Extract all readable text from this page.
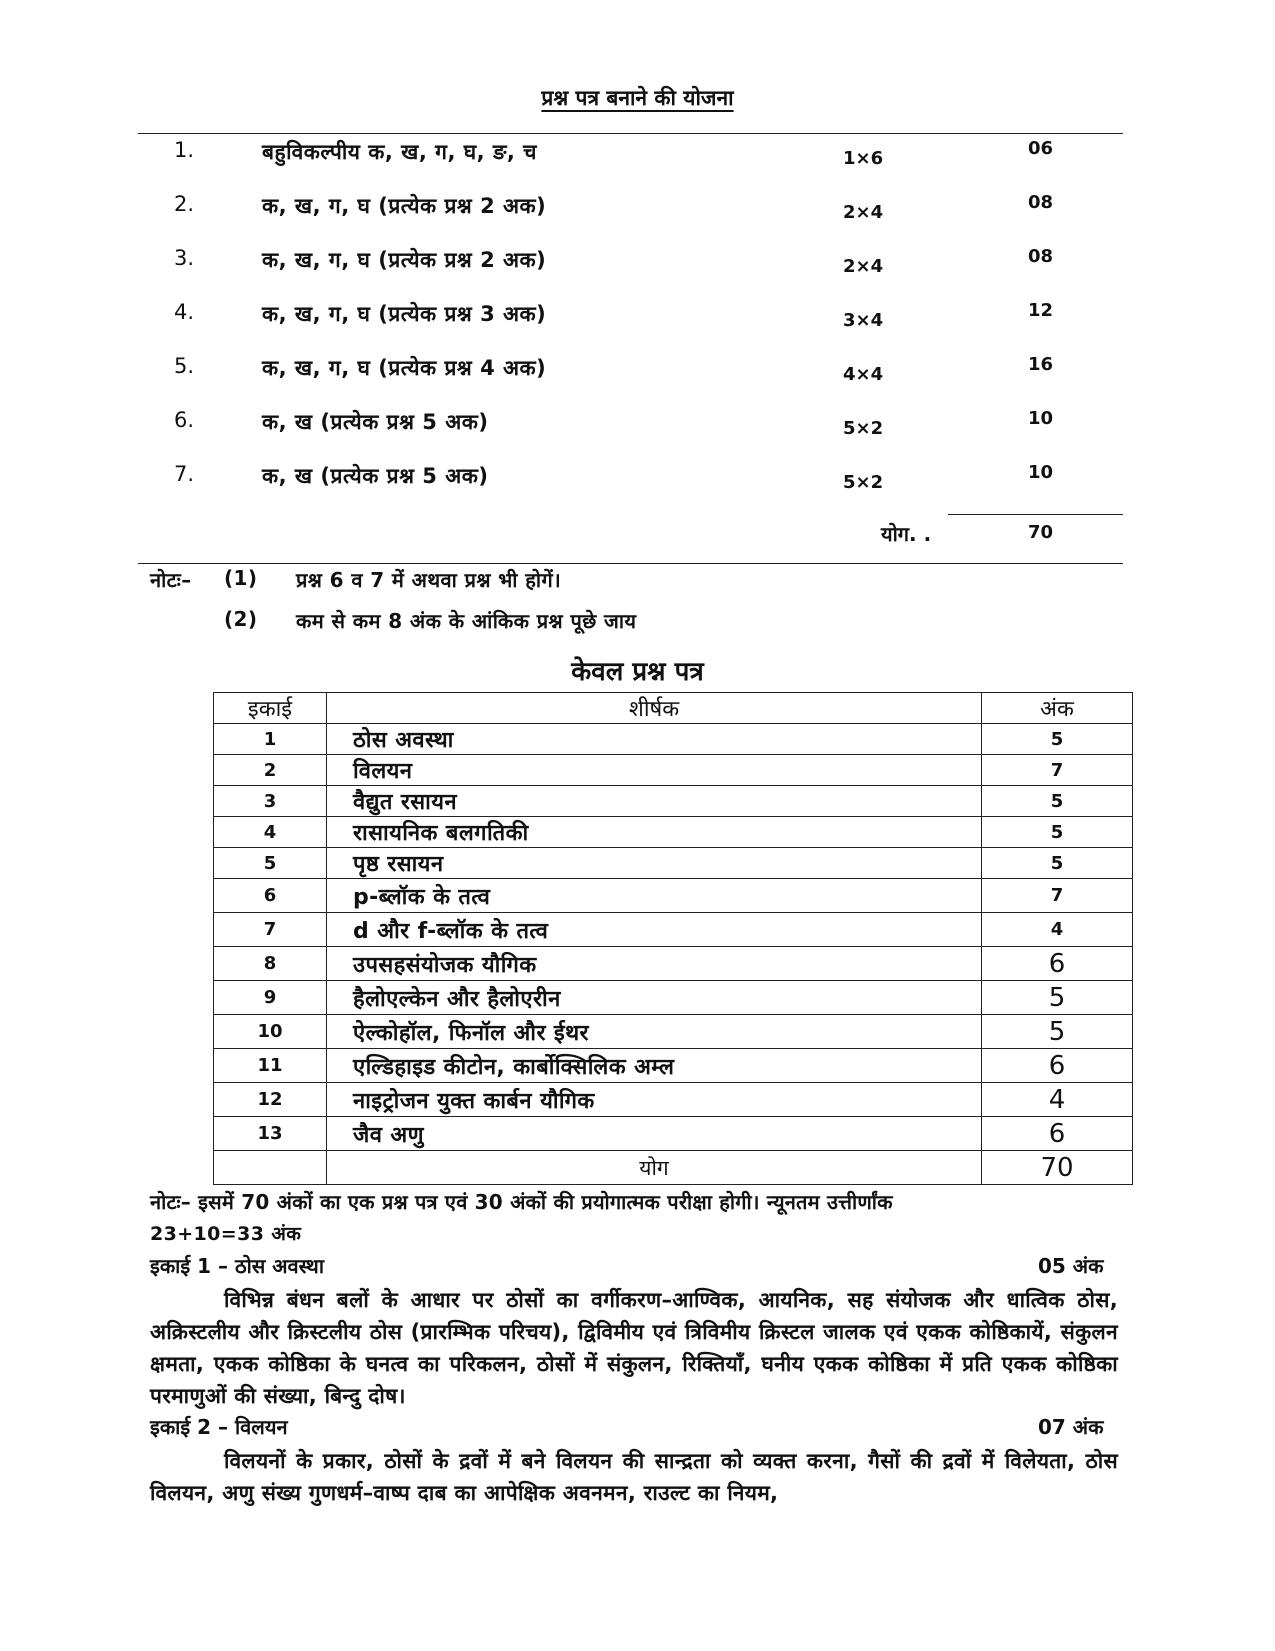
प्रश्न पत्र बनाने की योजना
1.	बहुविकल्पीय क, ख, ग, घ, ङ, च	1×6	06
2.	क, ख, ग, घ (प्रत्येक प्रश्न 2 अक)	2×4	08
3.	क, ख, ग, घ (प्रत्येक प्रश्न 2 अक)	2×4	08
4.	क, ख, ग, घ (प्रत्येक प्रश्न 3 अक)	3×4	12
5.	क, ख, ग, घ (प्रत्येक प्रश्न 4 अक)	4×4	16
6.	क, ख (प्रत्येक प्रश्न 5 अक)	5×2	10
7.	क, ख (प्रत्येक प्रश्न 5 अक)	5×2	10
योग. .	70
नोटः– (1) प्रश्न 6 व 7 में अथवा प्रश्न भी होगें।
(2) कम से कम 8 अंक के आंकिक प्रश्न पूछे जाय
केवल प्रश्न पत्र
इकाई	शीर्षक	अंक
1	ठोस अवस्था	5
2	विलयन	7
3	वैद्युत रसायन	5
4	रासायनिक बलगतिकी	5
5	पृष्ठ रसायन	5
6	p-ब्लॉक के तत्व	7
7	d और f-ब्लॉक के तत्व	4
8	उपसहसंयोजक यौगिक	6
9	हैलोएल्केन और हैलोएरीन	5
10	ऐल्कोहॉल, फिनॉल और ईथर	5
11	एल्डिहाइड कीटोन, कार्बोक्सिलिक अम्ल	6
12	नाइट्रोजन युक्त कार्बन यौगिक	4
13	जैव अणु	6
	योग	70
नोटः– इसमें 70 अंकों का एक प्रश्न पत्र एवं 30 अंकों की प्रयोगात्मक परीक्षा होगी। न्यूनतम उत्तीर्णांक
23+10=33 अंक
इकाई 1 – ठोस अवस्था	05 अंक

विभिन्न बंधन बलों के आधार पर ठोसों का वर्गीकरण–आण्विक, आयनिक, सह संयोजक और धात्विक ठोस, अक्रिस्टलीय और क्रिस्टलीय ठोस (प्रारम्भिक परिचय), द्विविमीय एवं त्रिविमीय क्रिस्टल जालक एवं एकक कोष्ठिकायें, संकुलन क्षमता, एकक कोष्ठिका के घनत्व का परिकलन, ठोसों में संकुलन, रिक्तियाँ, घनीय एकक कोष्ठिका में प्रति एकक कोष्ठिका परमाणुओं की संख्या, बिन्दु दोष।

इकाई 2 – विलयन	07 अंक

विलयनों के प्रकार, ठोसों के द्रवों में बने विलयन की सान्द्रता को व्यक्त करना, गैसों की द्रवों में विलेयता, ठोस विलयन, अणु संख्य गुणधर्म–वाष्प दाब का आपेक्षिक अवनमन, राउल्ट का नियम,
